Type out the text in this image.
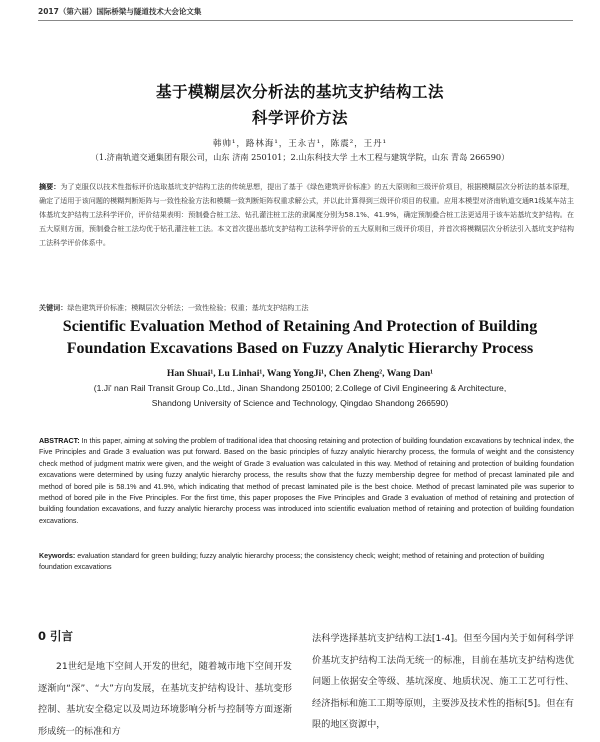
2017（第六届）国际桥梁与隧道技术大会论文集
基于模糊层次分析法的基坑支护结构工法
科学评价方法
韩帅¹，路林海¹，王永吉¹，陈震²，王丹¹
（1.济南轨道交通集团有限公司，山东 济南 250101；2.山东科技大学 土木工程与建筑学院，山东 青岛 266590）
摘要：为了克服仅以技术性指标评价选取基坑支护结构工法的传统思想，提出了基于《绿色建筑评价标准》的五大原则和三级评价项目，根据模糊层次分析法的基本原理，确定了适用于该问题的模糊判断矩阵与一致性检验方法和模糊一致判断矩阵权重求解公式，并以此计算得到三级评价项目的权重。应用本模型对济南轨道交通R1线某车站主体基坑支护结构工法科学评价，评价结果表明：预制叠合桩工法、钻孔灌注桩工法的隶属度分别为58.1%、41.9%，确定预制叠合桩工法更适用于该车站基坑支护结构。在五大原则方面，预制叠合桩工法均优于钻孔灌注桩工法。本文首次提出基坑支护结构工法科学评价的五大原则和三级评价项目，并首次将模糊层次分析法引入基坑支护结构工法科学评价体系中。
关键词：绿色建筑评价标准；模糊层次分析法；一致性检验；权重；基坑支护结构工法
Scientific Evaluation Method of Retaining And Protection of Building
Foundation Excavations Based on Fuzzy Analytic Hierarchy Process
Han Shuai¹, Lu Linhai¹, Wang YongJi¹, Chen Zheng², Wang Dan¹
(1.Ji' nan Rail Transit Group Co.,Ltd., Jinan Shandong 250100; 2.College of Civil Engineering & Architecture,
Shandong University of Science and Technology, Qingdao Shandong 266590)
ABSTRACT: In this paper, aiming at solving the problem of traditional idea that choosing retaining and protection of building foundation excavations by technical index, the Five Principles and Grade 3 evaluation was put forward. Based on the basic principles of fuzzy analytic hierarchy process, the formula of weight and the consistency check method of judgment matrix were given, and the weight of Grade 3 evaluation was calculated in this way. Method of retaining and protection of building foundation excavations were determined by using fuzzy analytic hierarchy process, the results show that the fuzzy membership degree for method of precast laminated pile and method of bored pile is 58.1% and 41.9%, which indicating that method of precast laminated pile is the best choice. Method of precast laminated pile was superior to method of bored pile in the Five Principles. For the first time, this paper proposes the Five Principles and Grade 3 evaluation of method of retaining and protection of building foundation excavations, and fuzzy analytic hierarchy process was introduced into scientific evaluation method of retaining and protection of building foundation excavations.
Keywords: evaluation standard for green building; fuzzy analytic hierarchy process; the consistency check; weight; method of retaining and protection of building foundation excavations
0 引言
21世纪是地下空间人开发的世纪，随着城市地下空间开发逐渐向“深”、“大”方向发展，在基坑支护结构设计、基坑变形控制、基坑安全稳定以及周边环境影响分析与控制等方面逐渐形成统一的标准和方
法科学选择基坑支护结构工法[1-4]。但至今国内关于如何科学评价基坑支护结构工法尚无统一的标准，目前在基坑支护结构选优问题上依据安全等级、基坑深度、地质状况、施工工艺可行性、经济指标和施工工期等原则，主要涉及技术性的指标[5]。但在有限的地区资源中，
